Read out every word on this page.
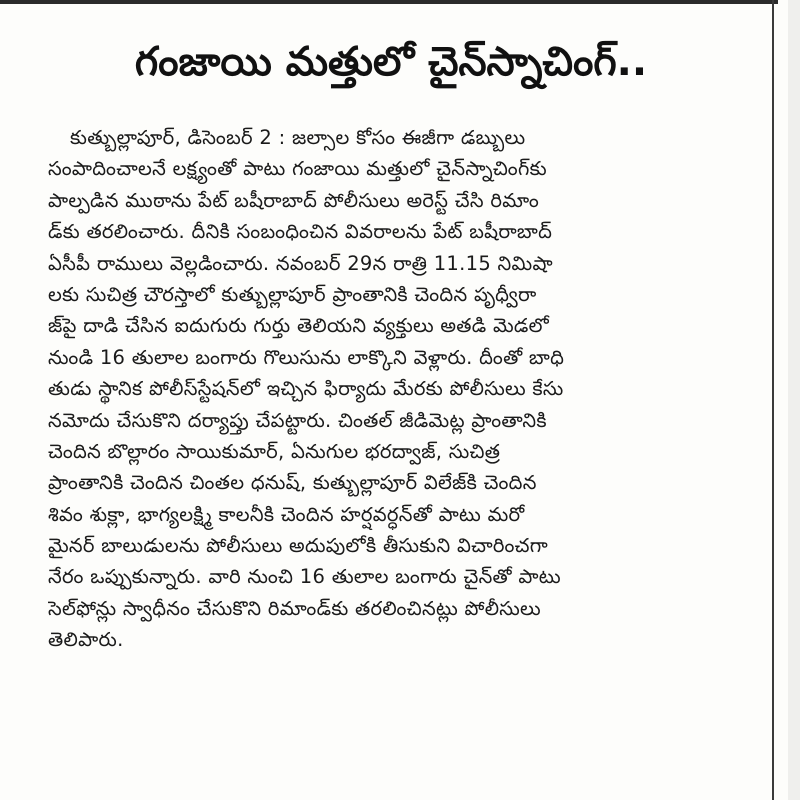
గంజాయి మత్తులో చైన్‌స్నాచింగ్‌..
కుత్బుల్లాపూర్‌, డిసెంబర్‌ 2 : జల్సాల కోసం ఈజీగా డబ్బులు
సంపాదించాలనే లక్ష్యంతో పాటు గంజాయి మత్తులో చైన్‌స్నాచింగ్‌కు
పాల్పడిన ముఠాను పేట్‌ బషీరాబాద్‌ పోలీసులు అరెస్ట్‌ చేసి రిమాం
డ్‌కు తరలించారు. దీనికి సంబంధించిన వివరాలను పేట్‌ బషీరాబాద్‌
ఏసీపీ రాములు వెల్లడించారు. నవంబర్‌ 29న రాత్రి 11.15 నిమిషా
లకు సుచిత్ర చౌరస్తాలో కుత్బుల్లాపూర్‌ ప్రాంతానికి చెందిన పృధ్వీరా
జ్‌పై దాడి చేసిన ఐదుగురు గుర్తు తెలియని వ్యక్తులు అతడి మెడలో
నుండి 16 తులాల బంగారు గొలుసును లాక్కొని వెళ్లారు. దీంతో బాధి
తుడు స్థానిక పోలీస్‌స్టేషన్‌లో ఇచ్చిన ఫిర్యాదు మేరకు పోలీసులు కేసు
నమోదు చేసుకొని దర్యాప్తు చేపట్టారు. చింతల్‌ జీడిమెట్ల ప్రాంతానికి
చెందిన బొల్లారం సాయికుమార్‌, ఏనుగుల భరద్వాజ్‌, సుచిత్ర
ప్రాంతానికి చెందిన చింతల ధనుష్‌, కుత్బుల్లాపూర్‌ విలేజ్‌కి చెందిన
శివం శుక్లా, భాగ్యలక్ష్మి కాలనీకి చెందిన హర్షవర్ధన్‌తో పాటు మరో
మైనర్‌ బాలుడులను పోలీసులు అదుపులోకి తీసుకుని విచారించగా
నేరం ఒప్పుకున్నారు. వారి నుంచి 16 తులాల బంగారు చైన్‌తో పాటు
సెల్‌ఫోన్లు స్వాధీనం చేసుకొని రిమాండ్‌కు తరలించినట్లు పోలీసులు
తెలిపారు.
